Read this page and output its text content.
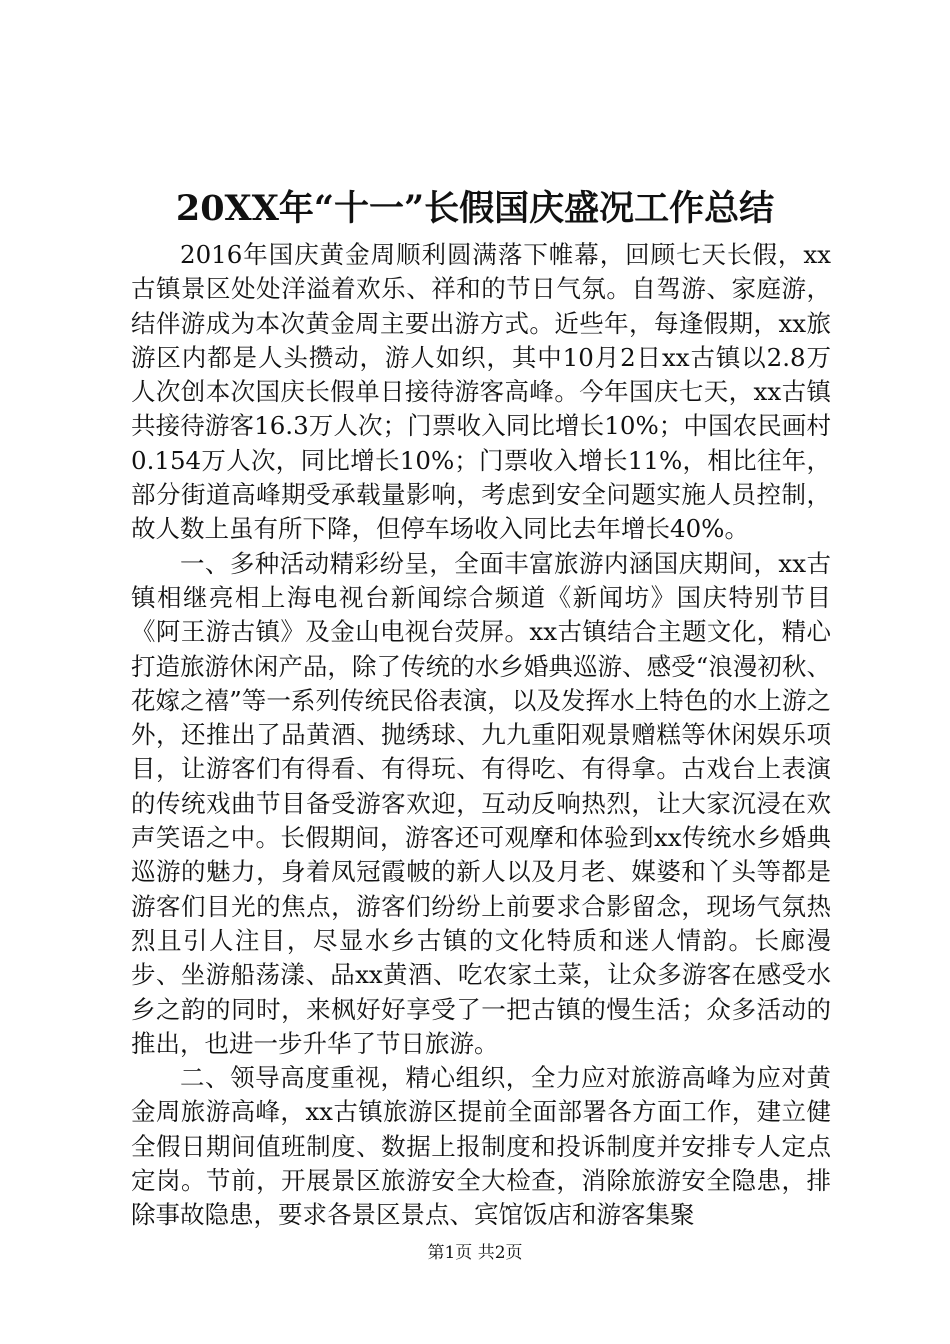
20XX年“十一”长假国庆盛况工作总结

2016年国庆黄金周顺利圆满落下帷幕，回顾七天长假，xx古镇景区处处洋溢着欢乐、祥和的节日气氛。自驾游、家庭游，结伴游成为本次黄金周主要出游方式。近些年，每逢假期，xx旅游区内都是人头攒动，游人如织，其中10月2日xx古镇以2.8万人次创本次国庆长假单日接待游客高峰。今年国庆七天，xx古镇共接待游客16.3万人次；门票收入同比增长10%；中国农民画村0.154万人次，同比增长10%；门票收入增长11%，相比往年，部分街道高峰期受承载量影响，考虑到安全问题实施人员控制，故人数上虽有所下降，但停车场收入同比去年增长40%。

一、多种活动精彩纷呈，全面丰富旅游内涵国庆期间，xx古镇相继亮相上海电视台新闻综合频道《新闻坊》国庆特别节目《阿王游古镇》及金山电视台荧屏。xx古镇结合主题文化，精心打造旅游休闲产品，除了传统的水乡婚典巡游、感受“浪漫初秋、花嫁之禧”等一系列传统民俗表演，以及发挥水上特色的水上游之外，还推出了品黄酒、抛绣球、九九重阳观景赠糕等休闲娱乐项目，让游客们有得看、有得玩、有得吃、有得拿。古戏台上表演的传统戏曲节目备受游客欢迎，互动反响热烈，让大家沉浸在欢声笑语之中。长假期间，游客还可观摩和体验到xx传统水乡婚典巡游的魅力，身着凤冠霞帔的新人以及月老、媒婆和丫头等都是游客们目光的焦点，游客们纷纷上前要求合影留念，现场气氛热烈且引人注目，尽显水乡古镇的文化特质和迷人情韵。长廊漫步、坐游船荡漾、品xx黄酒、吃农家土菜，让众多游客在感受水乡之韵的同时，来枫好好享受了一把古镇的慢生活；众多活动的推出，也进一步升华了节日旅游。

二、领导高度重视，精心组织，全力应对旅游高峰为应对黄金周旅游高峰，xx古镇旅游区提前全面部署各方面工作，建立健全假日期间值班制度、数据上报制度和投诉制度并安排专人定点定岗。节前，开展景区旅游安全大检查，消除旅游安全隐患，排除事故隐患，要求各景区景点、宾馆饭店和游客集聚

第1页 共2页
